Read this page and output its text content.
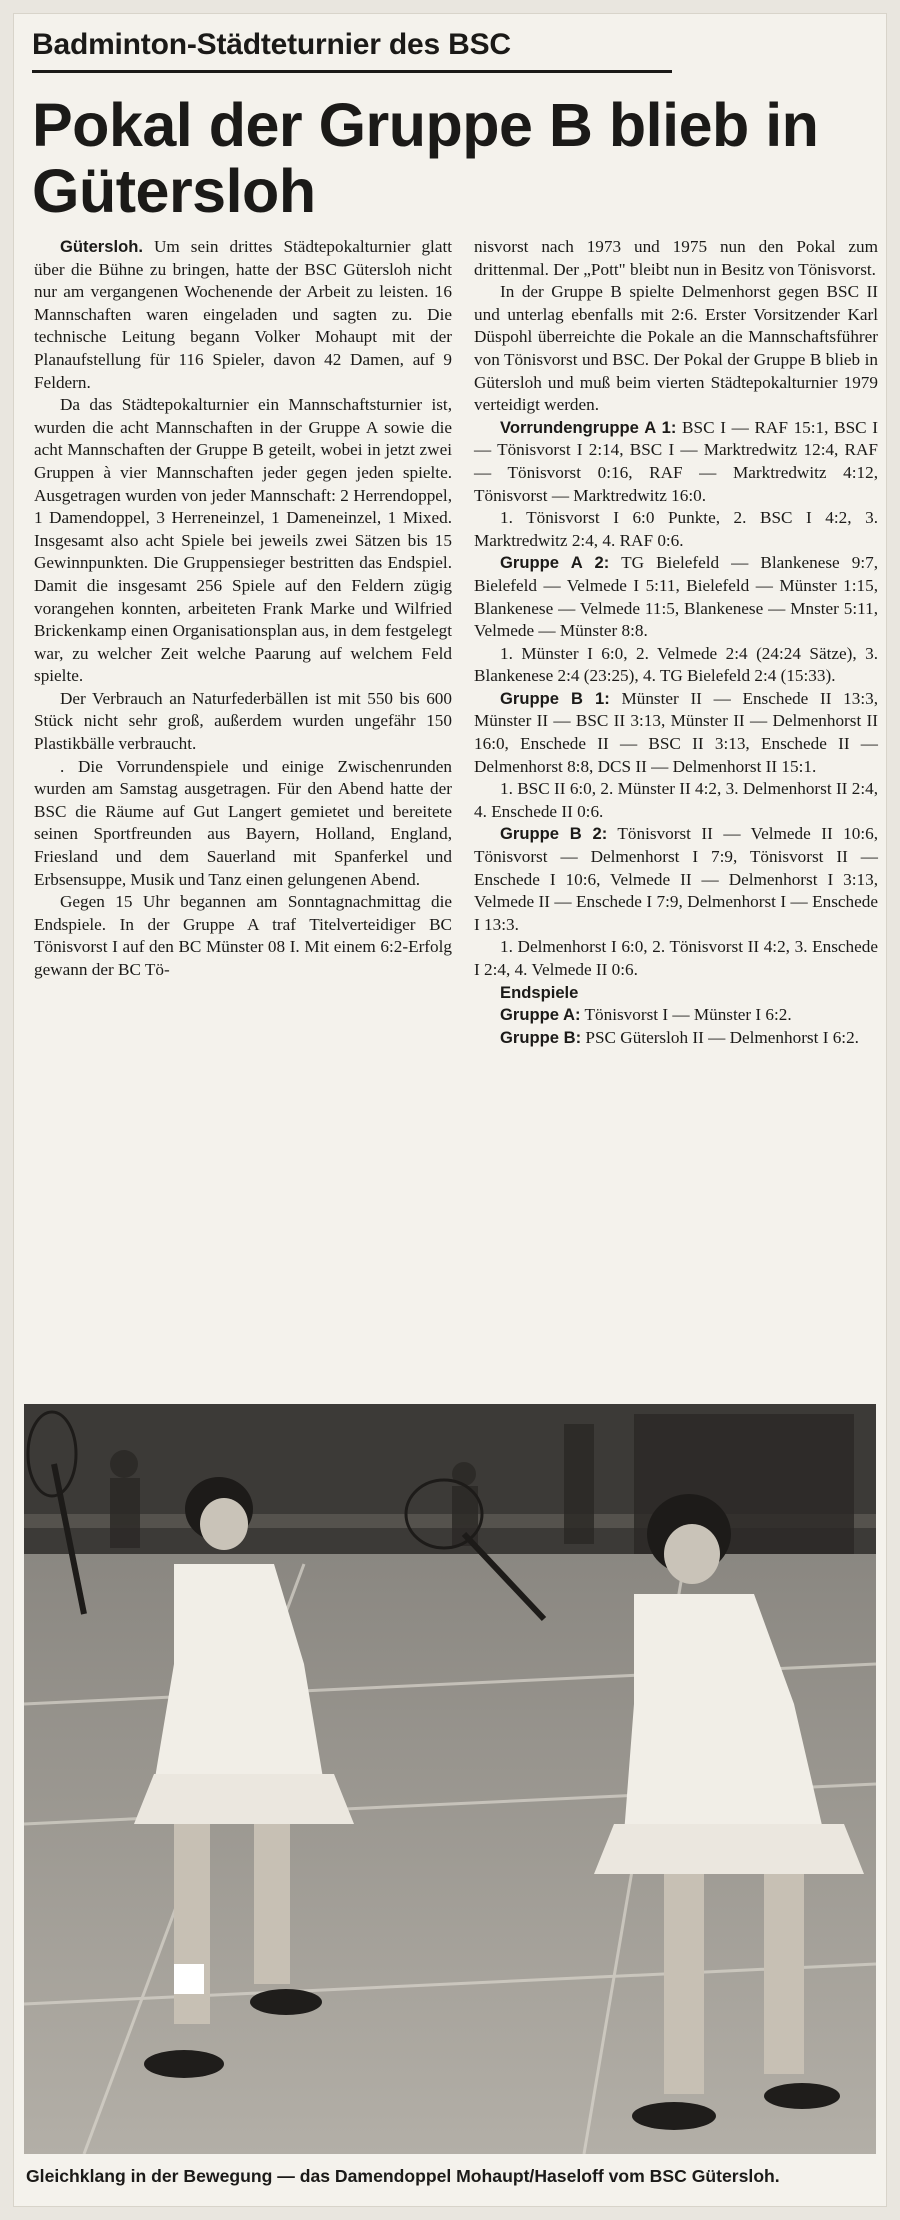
Badminton-Städteturnier des BSC
Pokal der Gruppe B blieb in Gütersloh

Gütersloh. Um sein drittes Städtepokalturnier glatt über die Bühne zu bringen, hatte der BSC Gütersloh nicht nur am vergangenen Wochenende der Arbeit zu leisten. 16 Mannschaften waren eingeladen und sagten zu. Die technische Leitung begann Volker Mohaupt mit der Planaufstellung für 116 Spieler, davon 42 Damen, auf 9 Feldern.

Da das Städtepokalturnier ein Mannschaftsturnier ist, wurden die acht Mannschaften in der Gruppe A sowie die acht Mannschaften der Gruppe B geteilt, wobei in jetzt zwei Gruppen à vier Mannschaften jeder gegen jeden spielte. Ausgetragen wurden von jeder Mannschaft: 2 Herrendoppel, 1 Damendoppel, 3 Herreneinzel, 1 Dameneinzel, 1 Mixed. Insgesamt also acht Spiele bei jeweils zwei Sätzen bis 15 Gewinnpunkten. Die Gruppensieger bestritten das Endspiel. Damit die insgesamt 256 Spiele auf den Feldern zügig vorangehen konnten, arbeiteten Frank Marke und Wilfried Brickenkamp einen Organisationsplan aus, in dem festgelegt war, zu welcher Zeit welche Paarung auf welchem Feld spielte.

Der Verbrauch an Naturfederbällen ist mit 550 bis 600 Stück nicht sehr groß, außerdem wurden ungefähr 150 Plastikbälle verbraucht.

. Die Vorrundenspiele und einige Zwischenrunden wurden am Samstag ausgetragen. Für den Abend hatte der BSC die Räume auf Gut Langert gemietet und bereitete seinen Sportfreunden aus Bayern, Holland, England, Friesland und dem Sauerland mit Spanferkel und Erbsensuppe, Musik und Tanz einen gelungenen Abend.

Gegen 15 Uhr begannen am Sonntagnachmittag die Endspiele. In der Gruppe A traf Titelverteidiger BC Tönisvorst I auf den BC Münster 08 I. Mit einem 6:2-Erfolg gewann der BC Tö-

nisvorst nach 1973 und 1975 nun den Pokal zum drittenmal. Der „Pott" bleibt nun in Besitz von Tönisvorst.

In der Gruppe B spielte Delmenhorst gegen BSC II und unterlag ebenfalls mit 2:6. Erster Vorsitzender Karl Düspohl überreichte die Pokale an die Mannschaftsführer von Tönisvorst und BSC. Der Pokal der Gruppe B blieb in Gütersloh und muß beim vierten Städtepokalturnier 1979 verteidigt werden.

Vorrundengruppe A 1: BSC I — RAF 15:1, BSC I — Tönisvorst I 2:14, BSC I — Marktredwitz 12:4, RAF — Tönisvorst 0:16, RAF — Marktredwitz 4:12, Tönisvorst — Marktredwitz 16:0.

1. Tönisvorst I 6:0 Punkte, 2. BSC I 4:2, 3. Marktredwitz 2:4, 4. RAF 0:6.

Gruppe A 2: TG Bielefeld — Blankenese 9:7, Bielefeld — Velmede I 5:11, Bielefeld — Münster 1:15, Blankenese — Velmede 11:5, Blankenese — Mnster 5:11, Velmede — Münster 8:8.

1. Münster I 6:0, 2. Velmede 2:4 (24:24 Sätze), 3. Blankenese 2:4 (23:25), 4. TG Bielefeld 2:4 (15:33).

Gruppe B 1: Münster II — Enschede II 13:3, Münster II — BSC II 3:13, Münster II — Delmenhorst II 16:0, Enschede II — BSC II 3:13, Enschede II — Delmenhorst 8:8, DCS II — Delmenhorst II 15:1.

1. BSC II 6:0, 2. Münster II 4:2, 3. Delmenhorst II 2:4, 4. Enschede II 0:6.

Gruppe B 2: Tönisvorst II — Velmede II 10:6, Tönisvorst — Delmenhorst I 7:9, Tönisvorst II — Enschede I 10:6, Velmede II — Delmenhorst I 3:13, Velmede II — Enschede I 7:9, Delmenhorst I — Enschede I 13:3.

1. Delmenhorst I 6:0, 2. Tönisvorst II 4:2, 3. Enschede I 2:4, 4. Velmede II 0:6.

Endspiele

Gruppe A: Tönisvorst I — Münster I 6:2.

Gruppe B: PSC Gütersloh II — Delmenhorst I 6:2.

Gleichklang in der Bewegung — das Damendoppel Mohaupt/Haseloff vom BSC Gütersloh.
